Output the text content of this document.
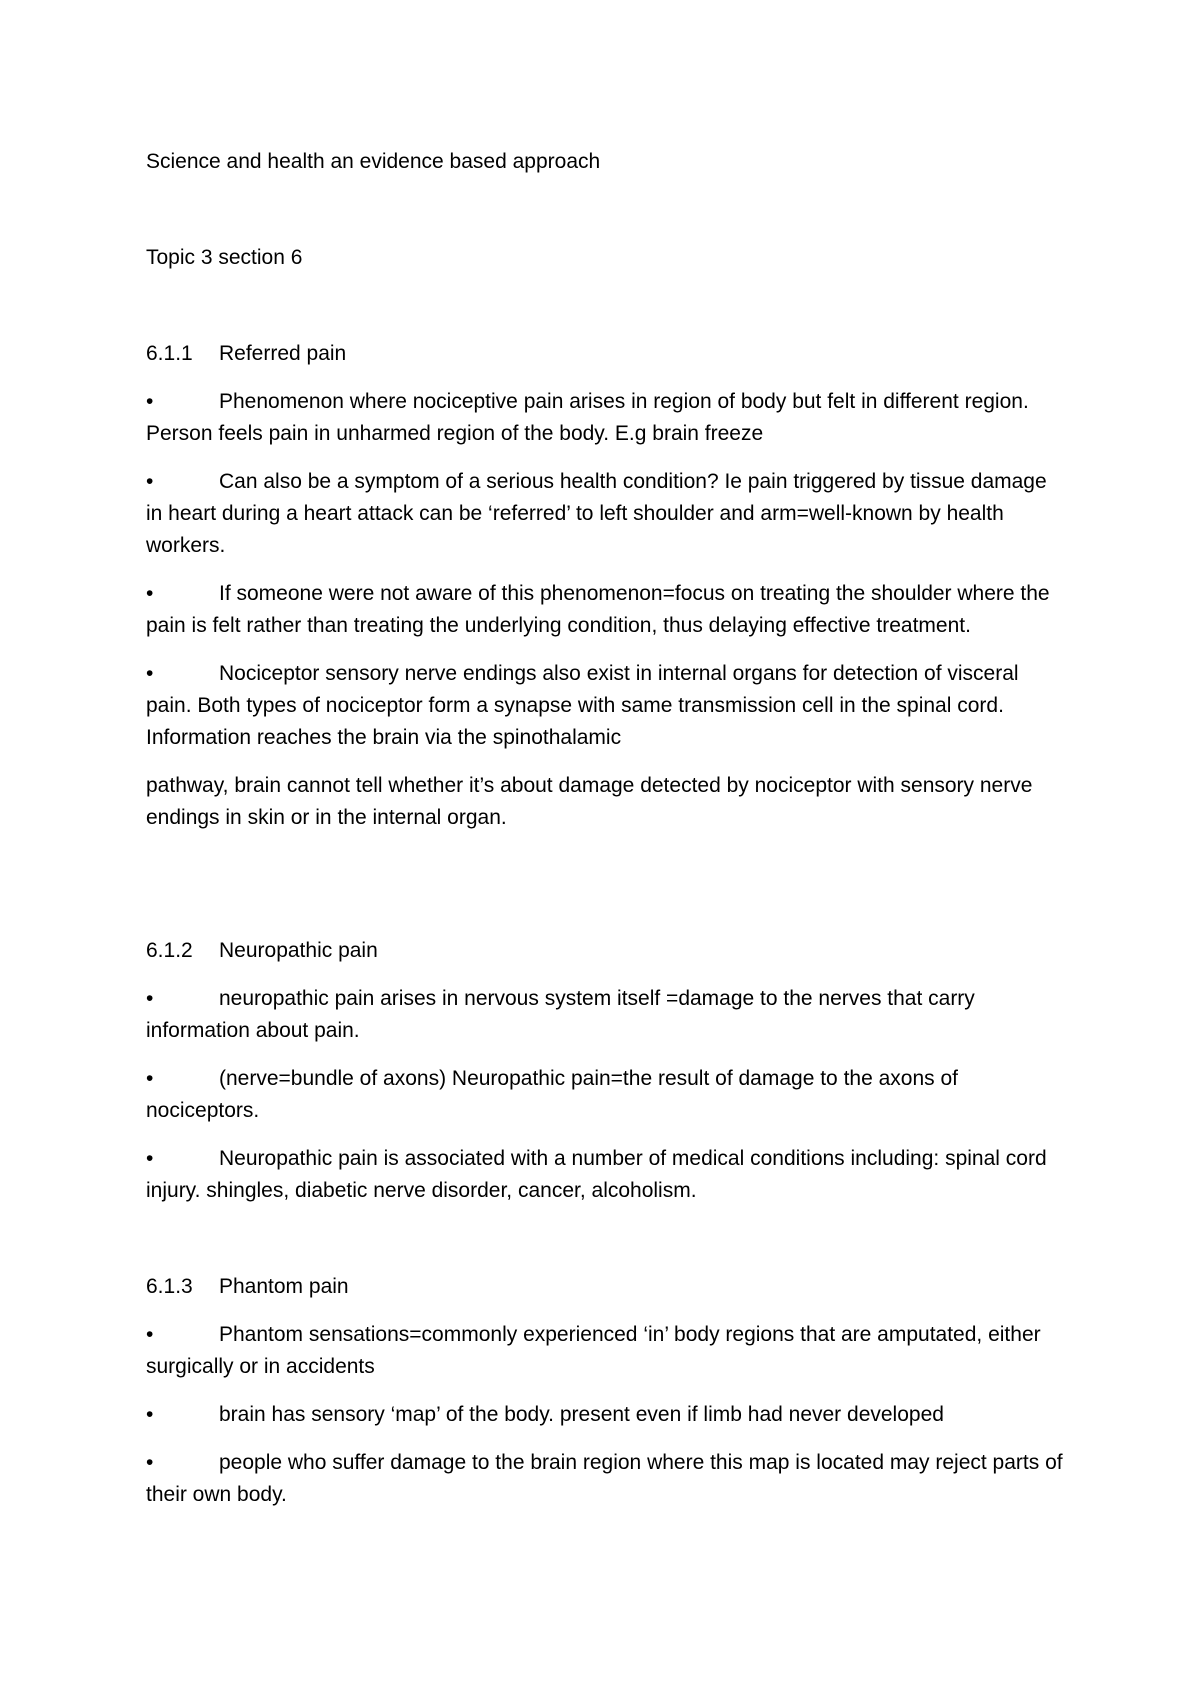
Science and health an evidence based approach
Topic 3 section 6
6.1.1	Referred pain

•	Phenomenon where nociceptive pain arises in region of body but felt in different region. Person feels pain in unharmed region of the body. E.g brain freeze

•	Can also be a symptom of a serious health condition? Ie pain triggered by tissue damage in heart during a heart attack can be ‘referred’ to left shoulder and arm=well-known by health workers.

•	If someone were not aware of this phenomenon=focus on treating the shoulder where the pain is felt rather than treating the underlying condition, thus delaying effective treatment.

•	Nociceptor sensory nerve endings also exist in internal organs for detection of visceral pain. Both types of nociceptor form a synapse with same transmission cell in the spinal cord. Information reaches the brain via the spinothalamic

pathway, brain cannot tell whether it’s about damage detected by nociceptor with sensory nerve endings in skin or in the internal organ.

6.1.2	Neuropathic pain

•	neuropathic pain arises in nervous system itself =damage to the nerves that carry information about pain.

•	(nerve=bundle of axons) Neuropathic pain=the result of damage to the axons of nociceptors.

•	Neuropathic pain is associated with a number of medical conditions including: spinal cord injury. shingles, diabetic nerve disorder, cancer, alcoholism.

6.1.3	Phantom pain

•	Phantom sensations=commonly experienced ‘in’ body regions that are amputated, either surgically or in accidents

•	brain has sensory ‘map’ of the body. present even if limb had never developed

•	people who suffer damage to the brain region where this map is located may reject parts of their own body.
